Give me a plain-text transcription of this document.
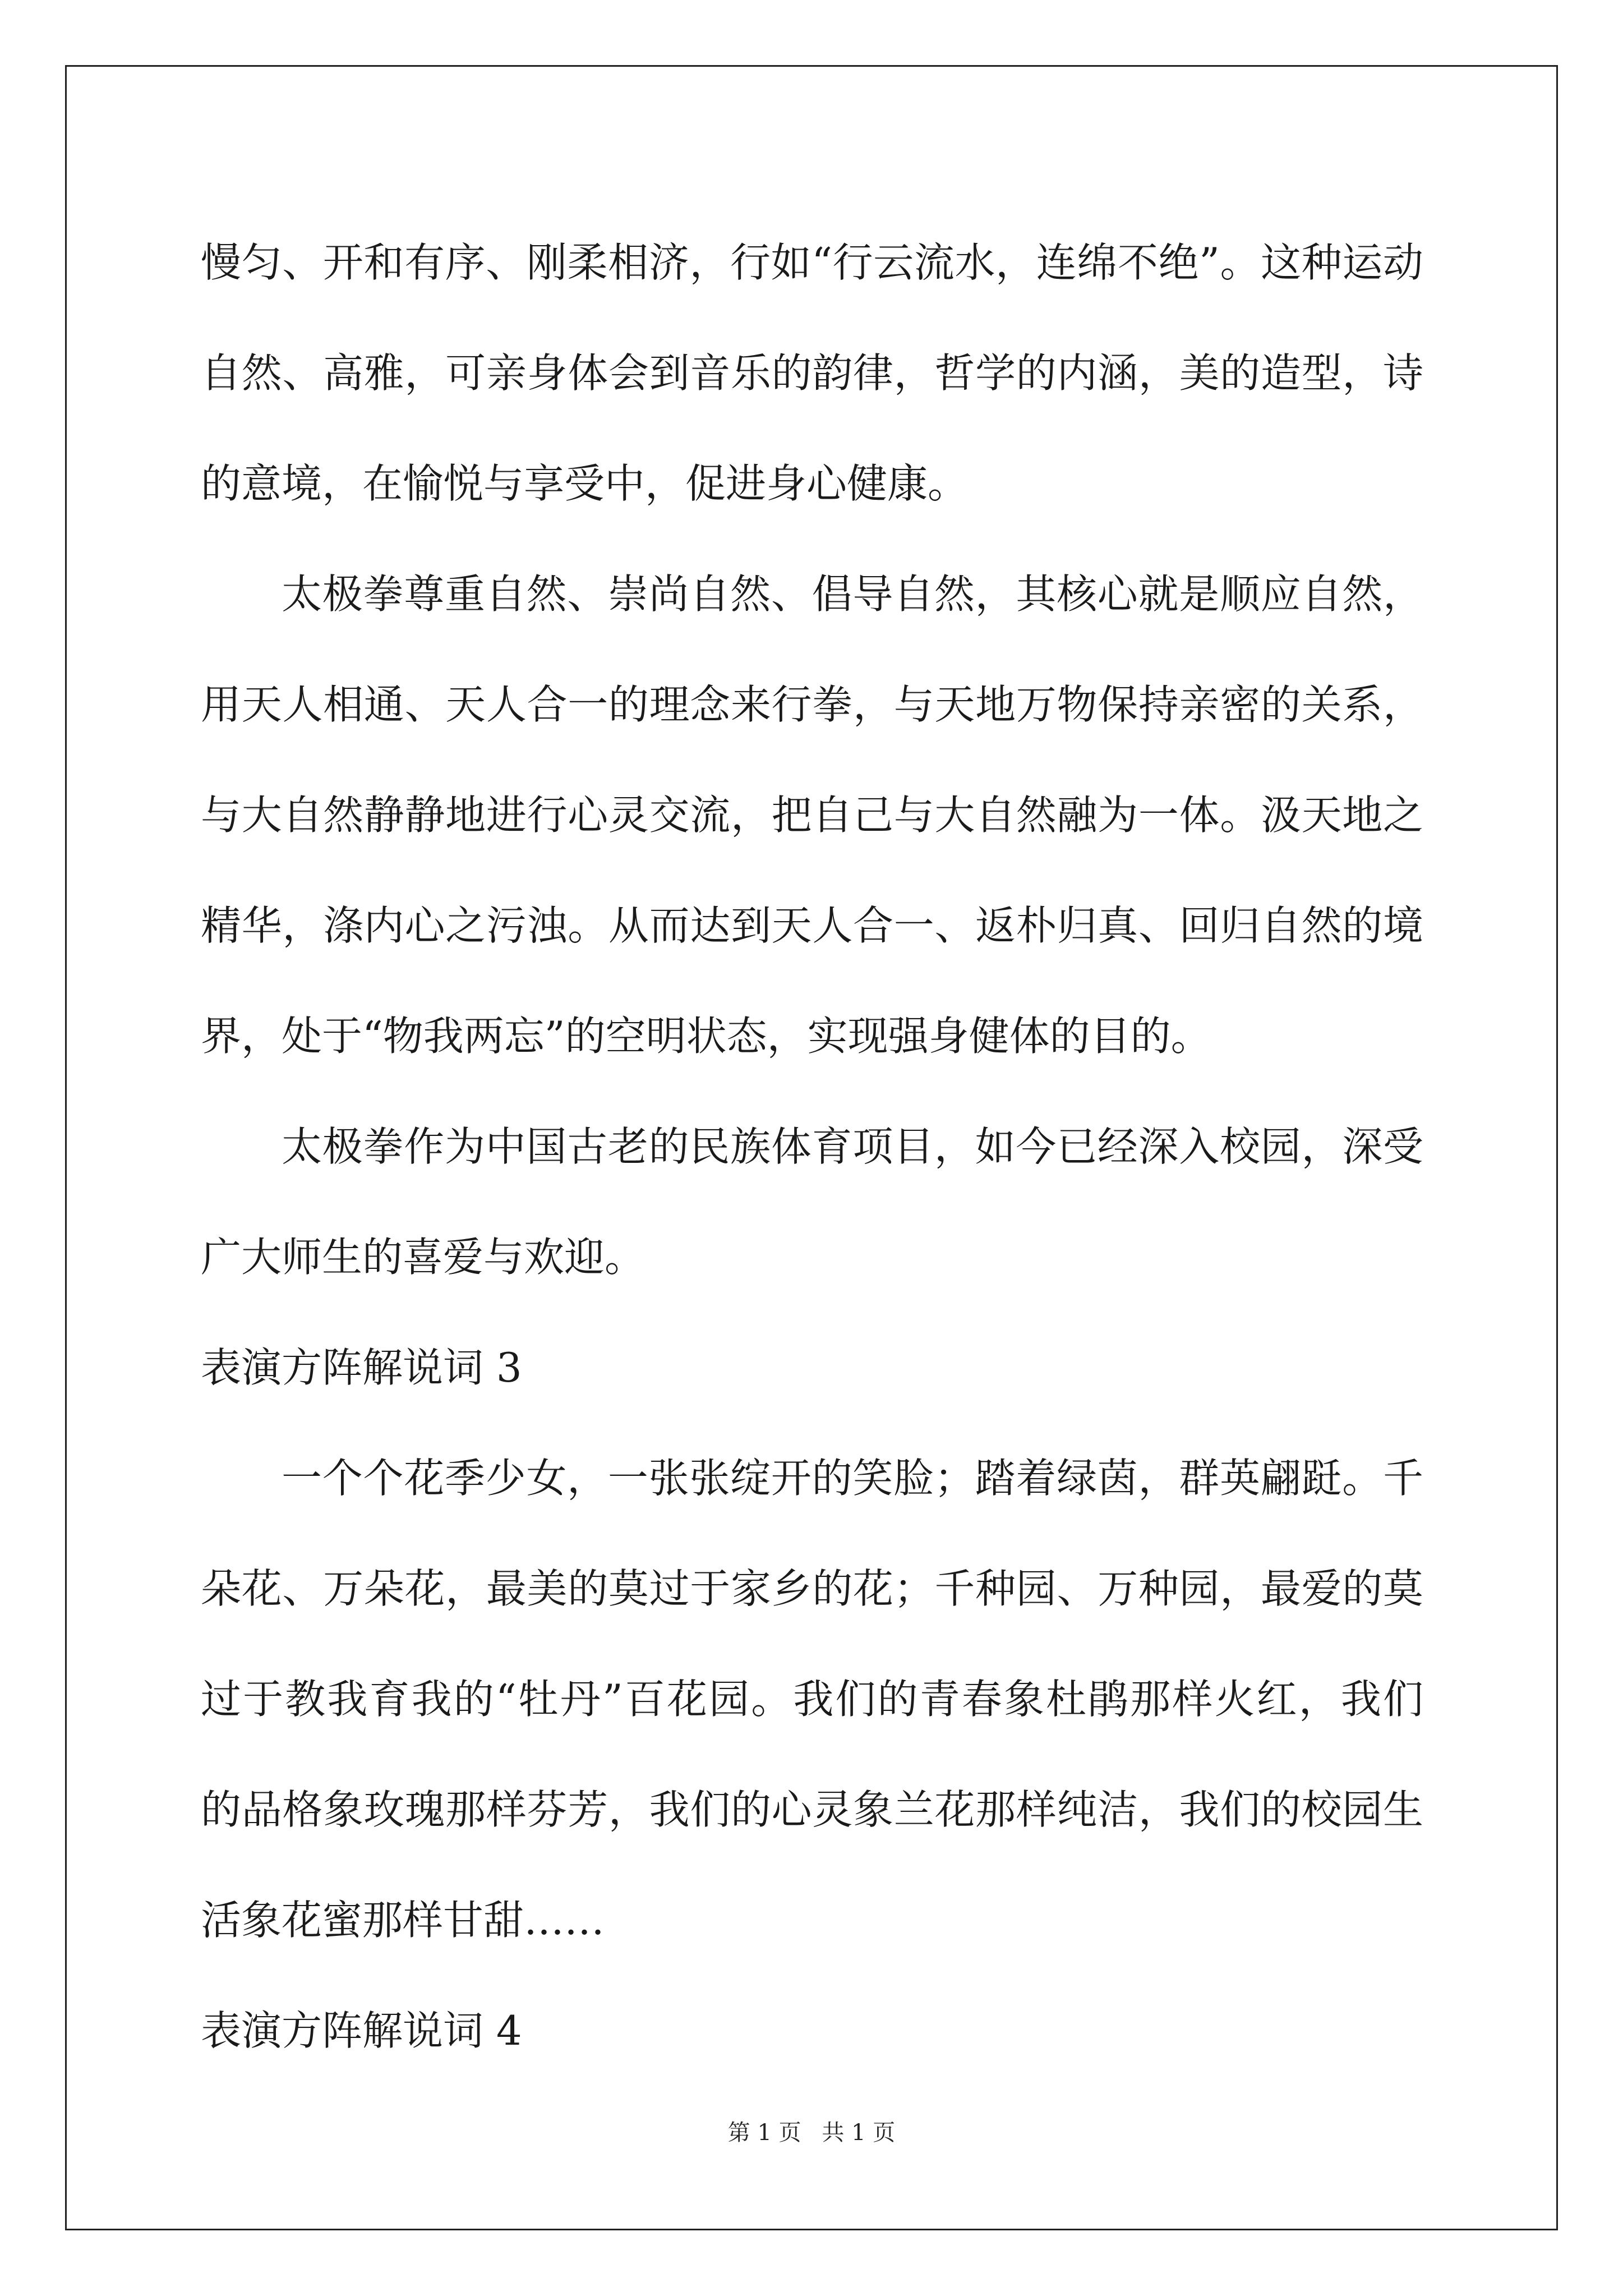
慢匀、开和有序、刚柔相济，行如“行云流水，连绵不绝”。这种运动
自然、高雅，可亲身体会到音乐的韵律，哲学的内涵，美的造型，诗
的意境，在愉悦与享受中，促进身心健康。
太极拳尊重自然、崇尚自然、倡导自然，其核心就是顺应自然，
用天人相通、天人合一的理念来行拳，与天地万物保持亲密的关系，
与大自然静静地进行心灵交流，把自己与大自然融为一体。汲天地之
精华，涤内心之污浊。从而达到天人合一、返朴归真、回归自然的境
界，处于“物我两忘”的空明状态，实现强身健体的目的。
太极拳作为中国古老的民族体育项目，如今已经深入校园，深受
广大师生的喜爱与欢迎。
表演方阵解说词 3
一个个花季少女，一张张绽开的笑脸；踏着绿茵，群英翩跹。千
朵花、万朵花，最美的莫过于家乡的花；千种园、万种园，最爱的莫
过于教我育我的“牡丹”百花园。我们的青春象杜鹃那样火红，我们
的品格象玫瑰那样芬芳，我们的心灵象兰花那样纯洁，我们的校园生
活象花蜜那样甘甜……
表演方阵解说词 4
第 1 页 共 1 页
